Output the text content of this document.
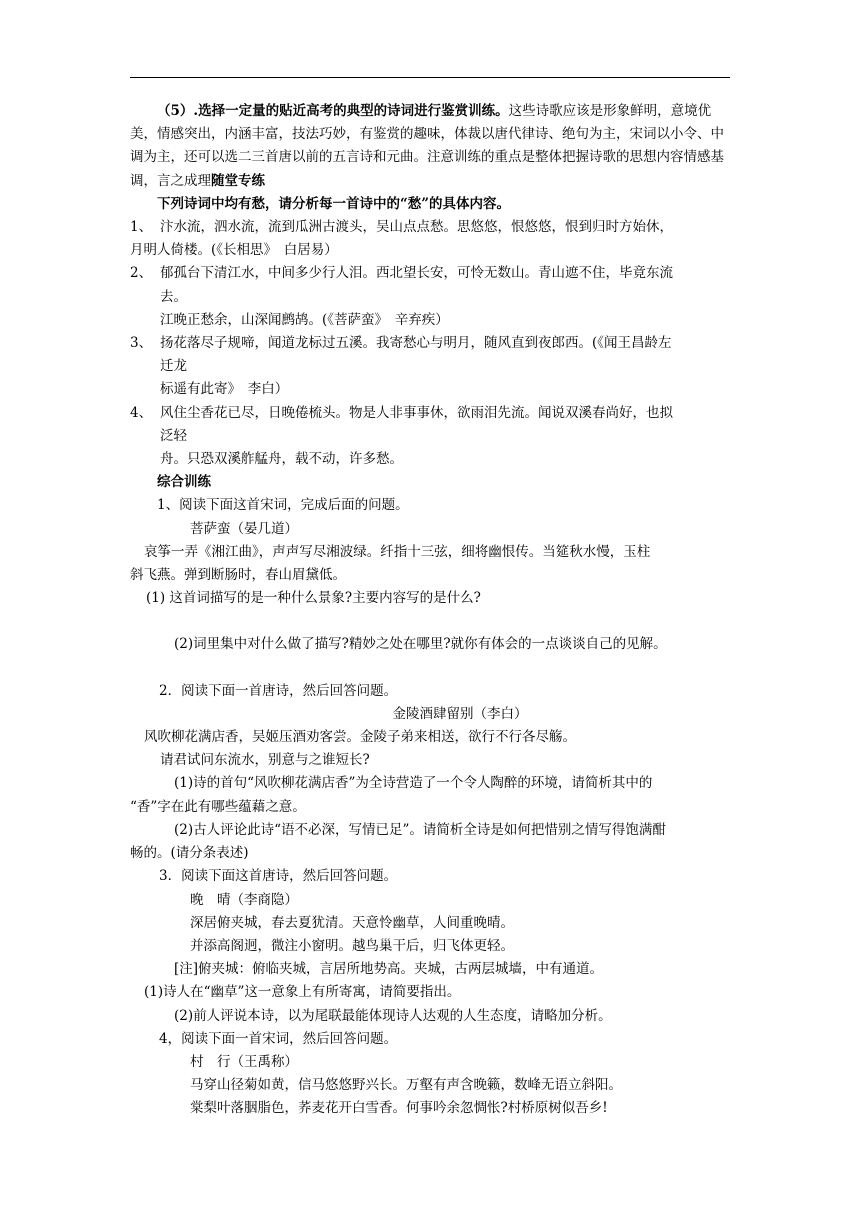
（5）.选择一定量的贴近高考的典型的诗词进行鉴赏训练。这些诗歌应该是形象鲜明，意境优美，情感突出，内涵丰富，技法巧妙，有鉴赏的趣味，体裁以唐代律诗、绝句为主，宋词以小令、中调为主，还可以选二三首唐以前的五言诗和元曲。注意训练的重点是整体把握诗歌的思想内容情感基调，言之成理随堂专练

下列诗词中均有愁，请分析每一首诗中的“愁”的具体内容。

1、 汴水流，泗水流，流到瓜洲古渡头，吴山点点愁。思悠悠，恨悠悠，恨到归时方始休，

月明人倚楼。(《长相思》　白居易）

2、 郁孤台下清江水，中间多少行人泪。西北望长安，可怜无数山。青山遮不住，毕竟东流

去。

江晚正愁余，山深闻鹧鸪。(《菩萨蛮》　辛弃疾）

3、 扬花落尽子规啼，闻道龙标过五溪。我寄愁心与明月，随风直到夜郎西。(《闻王昌龄左

迁龙

标遥有此寄》　李白）

4、 风住尘香花已尽，日晚倦梳头。物是人非事事休，欲雨泪先流。闻说双溪春尚好，也拟

泛轻

舟。只恐双溪舴艋舟，载不动，许多愁。

综合训练

1、阅读下面这首宋词，完成后面的问题。

菩萨蛮（晏几道）

哀筝一弄《湘江曲》，声声写尽湘波绿。纤指十三弦，细将幽恨传。当筵秋水慢，玉柱

斜飞燕。弹到断肠时，春山眉黛低。

(1) 这首词描写的是一种什么景象?主要内容写的是什么?

(2)词里集中对什么做了描写?精妙之处在哪里?就你有体会的一点谈谈自己的见解。

2．阅读下面一首唐诗，然后回答问题。

金陵酒肆留别（李白）

风吹柳花满店香，吴姬压酒劝客尝。金陵子弟来相送，欲行不行各尽觞。

请君试问东流水，别意与之谁短长?

(1)诗的首句“风吹柳花满店香”为全诗营造了一个令人陶醉的环境，请简析其中的

“香”字在此有哪些蕴藉之意。

(2)古人评论此诗“语不必深，写情已足”。请简析全诗是如何把惜别之情写得饱满酣

畅的。(请分条表述)

3．阅读下面这首唐诗，然后回答问题。

晚　晴（李商隐）

深居俯夹城，春去夏犹清。天意怜幽草，人间重晚晴。

并添高阁迥，微注小窗明。越鸟巢干后，归飞体更轻。

[注]俯夹城：俯临夹城，言居所地势高。夹城，古两层城墙，中有通道。

(1)诗人在“幽草”这一意象上有所寄寓，请简要指出。

(2)前人评说本诗，以为尾联最能体现诗人达观的人生态度，请略加分析。

4，阅读下面一首宋词，然后回答问题。

村　行（王禹称）

马穿山径菊如黄，信马悠悠野兴长。万壑有声含晚籁，数峰无语立斜阳。

棠梨叶落胭脂色，荞麦花开白雪香。何事吟余忽惆怅?村桥原树似吾乡!
